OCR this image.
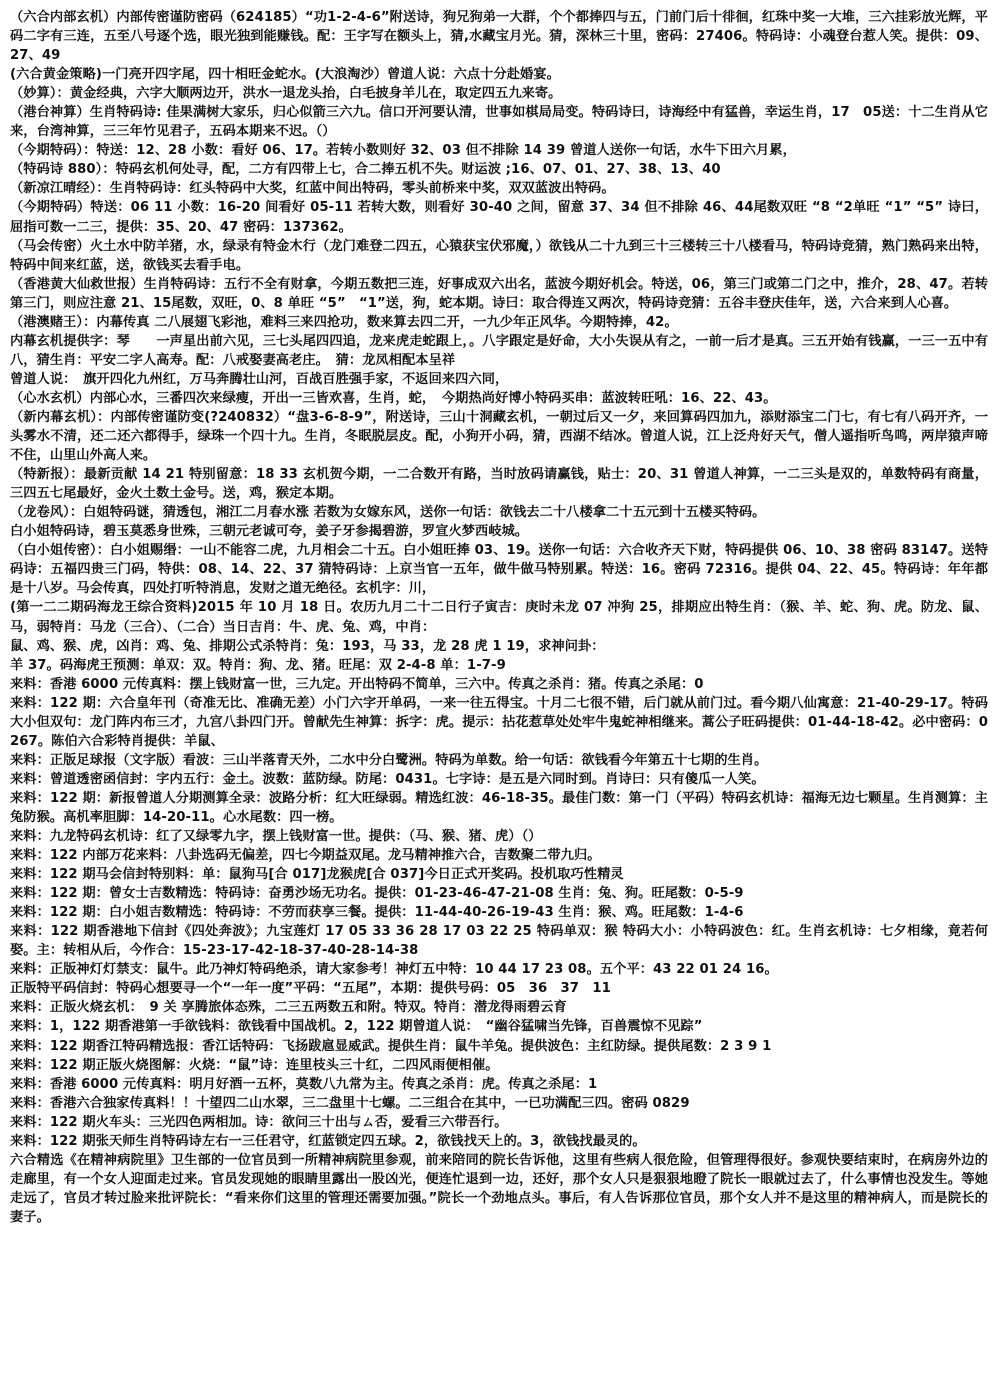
（六合内部玄机）内部传密谨防密码（624185）“功1-2-4-6”附送诗，狗兄狗弟一大群，个个都捧四与五，门前门后十徘徊，红珠中奖一大堆，三六挂彩放光辉，平码二字有三连，五至八号逐个选，眼光独到能赚钱。配：王字写在额头上，猜,水藏宝月光。猜，深林三十里，密码：27406。特码诗：小魂登台惹人笑。提供：09、27、49

(六合黄金策略)一门亮开四字尾，四十相旺金蛇水。(大浪淘沙）曾道人说：六点十分赴婚宴。

（妙算）：黄金经典，六字大顺两边开，洪水一退龙头抬，白毛披身羊儿在，取定四五九来寄。

（港台神算）生肖特码诗: 佳果满树大家乐，归心似箭三六九。信口开河要认清，世事如棋局局变。特码诗曰，诗海经中有猛兽，幸运生肖，17　05送：十二生肖从它来，台湾神算，三三年竹见君子，五码本期来不迟。（）

（今期特码）：特送：12、28 小数：看好 06、17。若转小数则好 32、03 但不排除 14 39 曾道人送你一句话，水牛下田六月累，

（特码诗 880）：特码玄机何处寻，配，二方有四带上七，合二捧五机不失。财运波 ;16、07、01、27、38、13、40

（新凉江晴经）：生肖特码诗：红头特码中大奖，红蓝中间出特码，零头前桥来中奖，双双蓝波出特码。

（今期特码）特送：06 11 小数：16-20 间看好 05-11 若转大数，则看好 30-40 之间，留意 37、34 但不排除 46、44尾数双旺 “8 “2单旺 “1” “5” 诗曰，屈指可数一二三，提供：35、20、47 密码：137362。

（马会传密）火土水中防羊猪，水，绿录有特金木行（龙门难登二四五，心猿获宝伏邪魔，）欲钱从二十九到三十三楼转三十八楼看马，特码诗竞猜，熟门熟码来出特，特码中间来红蓝，送，欲钱买去看手电。

（香港黄大仙救世报）生肖特码诗：五行不全有财拿，今期五数把三连，好事成双六出名，蓝波今期好机会。特送，06，第三门或第二门之中，推介，28、47。若转第三门，则应注意 21、15尾数，双旺，0、8 单旺 “5”　“1”送，狗，蛇本期。诗曰：取合得连又两次，特码诗竞猜：五谷丰登庆佳年，送，六合来到人心喜。

（港澳赌王）：内幕传真 二八展翅飞彩池，难料三来四抢功，数来算去四二开，一九少年正风华。今期特捧，42。

内幕玄机提供字：琴　　一声星出前六见，三七头尾四四追，龙来虎走蛇跟上，。八字跟定是好命，大小失误从有之，一前一后才是真。三五开始有钱赢，一三一五中有八，猜生肖：平安二字人高寿。配：八戒娶妻高老庄。　猜：龙凤相配本呈祥

曾道人说：　旗开四化九州红，万马奔腾壮山河，百战百胜强手家，不返回来四六同，

（心水玄机）内部心水，三番四次来绿瘦，开出一三皆欢喜，生肖，蛇，　今期热尚好博小特码买串：蓝波转旺吼：16、22、43。

（新内幕玄机）：内部传密谨防变(?240832）“盘3-6-8-9”，附送诗，三山十洞藏玄机，一朝过后又一夕，来回算码四加九，添财添宝二门七，有七有八码开齐，一头雾水不清，还二还六都得手，绿珠一个四十九。生肖，冬眠脱层皮。配，小狗开小码，猜，西湖不结冰。曾道人说，江上泛舟好天气，僧人遥指听鸟鸣，两岸猿声啼不住，山里山外高人来。

（特新报）：最新贡献 14 21 特别留意：18 33 玄机贺今期，一二合数开有路，当时放码请赢钱，贴士：20、31 曾道人神算，一二三头是双的，单数特码有商量，三四五七尾最好，金火土数土金号。送，鸡，猴定本期。

（龙卷风）：白姐特码谜，猜透包，湘江二月春水涨 若数为女嫁东风，送你一句话：欲钱去二十八楼拿二十五元到十五楼买特码。

白小姐特码诗，碧玉莫悉身世殊，三朝元老诚可夸，姜子牙参揭碧游，罗宣火梦西岐城。

（白小姐传密）：白小姐赐缗：一山不能容二虎，九月相会二十五。白小姐旺捧 03、19。送你一句话：六合收齐天下财，特码提供 06、10、38 密码 83147。送特码诗：五福四贵三门码，特供：08、14、22、37 猜特码诗：上京当官一五年，做牛做马特别累。特送：16。密码 72316。提供 04、22、45。特码诗：年年都是十八岁。马会传真，四处打听特消息，发财之道无绝径。玄机字：川，

(第一二二期码海龙王综合资料)2015 年 10 月 18 日。农历九月二十二日行子寅吉：庚时未龙 07 冲狗 25，排期应出特生肖：（猴、羊、蛇、狗、虎。防龙、鼠、马，弱特肖：马龙（三合）、（二合）当日吉肖：牛、虎、兔、鸡，中肖：

鼠、鸡、猴、虎，凶肖：鸡、兔、排期公式杀特肖：兔：193，马 33，龙 28 虎 1 19，求神问卦：

羊 37。码海虎王预测：单双：双。特肖：狗、龙、猪。旺尾：双 2-4-8 单：1-7-9

来料：香港 6000 元传真料：摆上钱财富一世，三九定。开出特码不简单，三六中。传真之杀肖：猪。传真之杀尾：0

来料：122 期：六合皇年刊（奇准无比、准确无差）小门六字开单码，一来一往五得宝。十月二七很不错，后门就从前门过。看今期八仙寓意：21-40-29-17。特码大小但双句：龙门阵内布三才，九宫八卦四门开。曾献先生神算：拆字：虎。提示：拈花惹草处处牢牛鬼蛇神相继来。蒿公子旺码提供：01-44-18-42。必中密码：0267。陈伯六合彩特肖提供：羊鼠、

来料：正版足球报（文字版）看波：三山半落青天外，二水中分白鹭洲。特码为单数。给一句话：欲钱看今年第五十七期的生肖。

来料：曾道透密函信封：字内五行：金土。波数：蓝防绿。防尾：0431。七字诗：是五是六同时到。肖诗曰：只有傻瓜一人笑。

来料：122 期：新报曾道人分期测算全录：波路分析：红大旺绿弱。精选红波：46-18-35。最佳门数：第一门（平码）特码玄机诗：福海无边七颗星。生肖测算：主兔防猴。高机率胆脚：14-20-11。心水尾数：四一榜。

来料：九龙特码玄机诗：红了又绿零九字，摆上钱财富一世。提供：（马、猴、猪、虎）（）

来料：122 内部万花来料：八卦选码无偏差，四七今期益双尾。龙马精神推六合，吉数聚二带九归。

来料：122 期马会信封特别料：单：鼠狗马[合 017]龙猴虎[合 037]今日正式开奖码。投机取巧性精灵

来料：122 期：曾女士吉数精选：特码诗：奋勇沙场无功名。提供：01-23-46-47-21-08 生肖：兔、狗。旺尾数：0-5-9

来料：122 期：白小姐吉数精选：特码诗：不劳而获享三餐。提供：11-44-40-26-19-43 生肖：猴、鸡。旺尾数：1-4-6

来料：122 期香港地下信封《四处奔波》；九宝莲灯 17 05 33 36 28 17 03 22 25 特码单双：猴 特码大小：小特码波色：红。生肖玄机诗：七夕相缘，竟若何娶。主：转相从后，今作合：15-23-17-42-18-37-40-28-14-38

来料：正版神灯灯禁支：鼠牛。此乃神灯特码绝杀，请大家参考！神灯五中特：10 44 17 23 08。五个平：43 22 01 24 16。

正版特平码信封：特码心想要寻一个“一年一度”平码：“五尾”，本期：提供号码：05　36　37　11

来料：正版火烧玄机：　9 关 享腾旅体态殊，二三五两数五和附。特双。特肖：潜龙得雨碧云育

来料：1，122 期香港第一手欲钱料：欲钱看中国战机。2，122 期曾道人说：　“幽谷猛啸当先锋，百兽震惊不见踪”

来料：122 期香江特码精选报：香江话特码：飞扬跋扈显威武。提供生肖：鼠牛羊兔。提供波色：主红防绿。提供尾数：2 3 9 1

来料：122 期正版火烧图解：火烧：“鼠”诗：连里枝头三十红，二四风雨便相催。

来料：香港 6000 元传真料：明月好酒一五杯，莫数八九常为主。传真之杀肖：虎。传真之杀尾：1

来料：香港六合独家传真料！！十望四二山水翠，三二盘里十七螺。二三组合在其中，一已功满配三四。密码 0829

来料：122 期火车头：三光四色两相加。诗：欲问三十出与ㄙ否，爱看三六带吾行。

来料：122 期张天师生肖特码诗左右一三任君守，红蓝锁定四五球。2，欲钱找天上的。3，欲钱找最灵的。

六合精选《在精神病院里》卫生部的一位官员到一所精神病院里参观，前来陪同的院长告诉他，这里有些病人很危险，但管理得很好。参观快要结束时，在病房外边的走廊里，有一个女人迎面走过来。官员发现她的眼睛里露出一股凶光，便连忙退到一边，还好，那个女人只是狠狠地瞪了院长一眼就过去了，什么事情也没发生。等她走远了，官员才转过脸来批评院长：“看来你们这里的管理还需要加强。”院长一个劲地点头。事后，有人告诉那位官员，那个女人并不是这里的精神病人，而是院长的妻子。
